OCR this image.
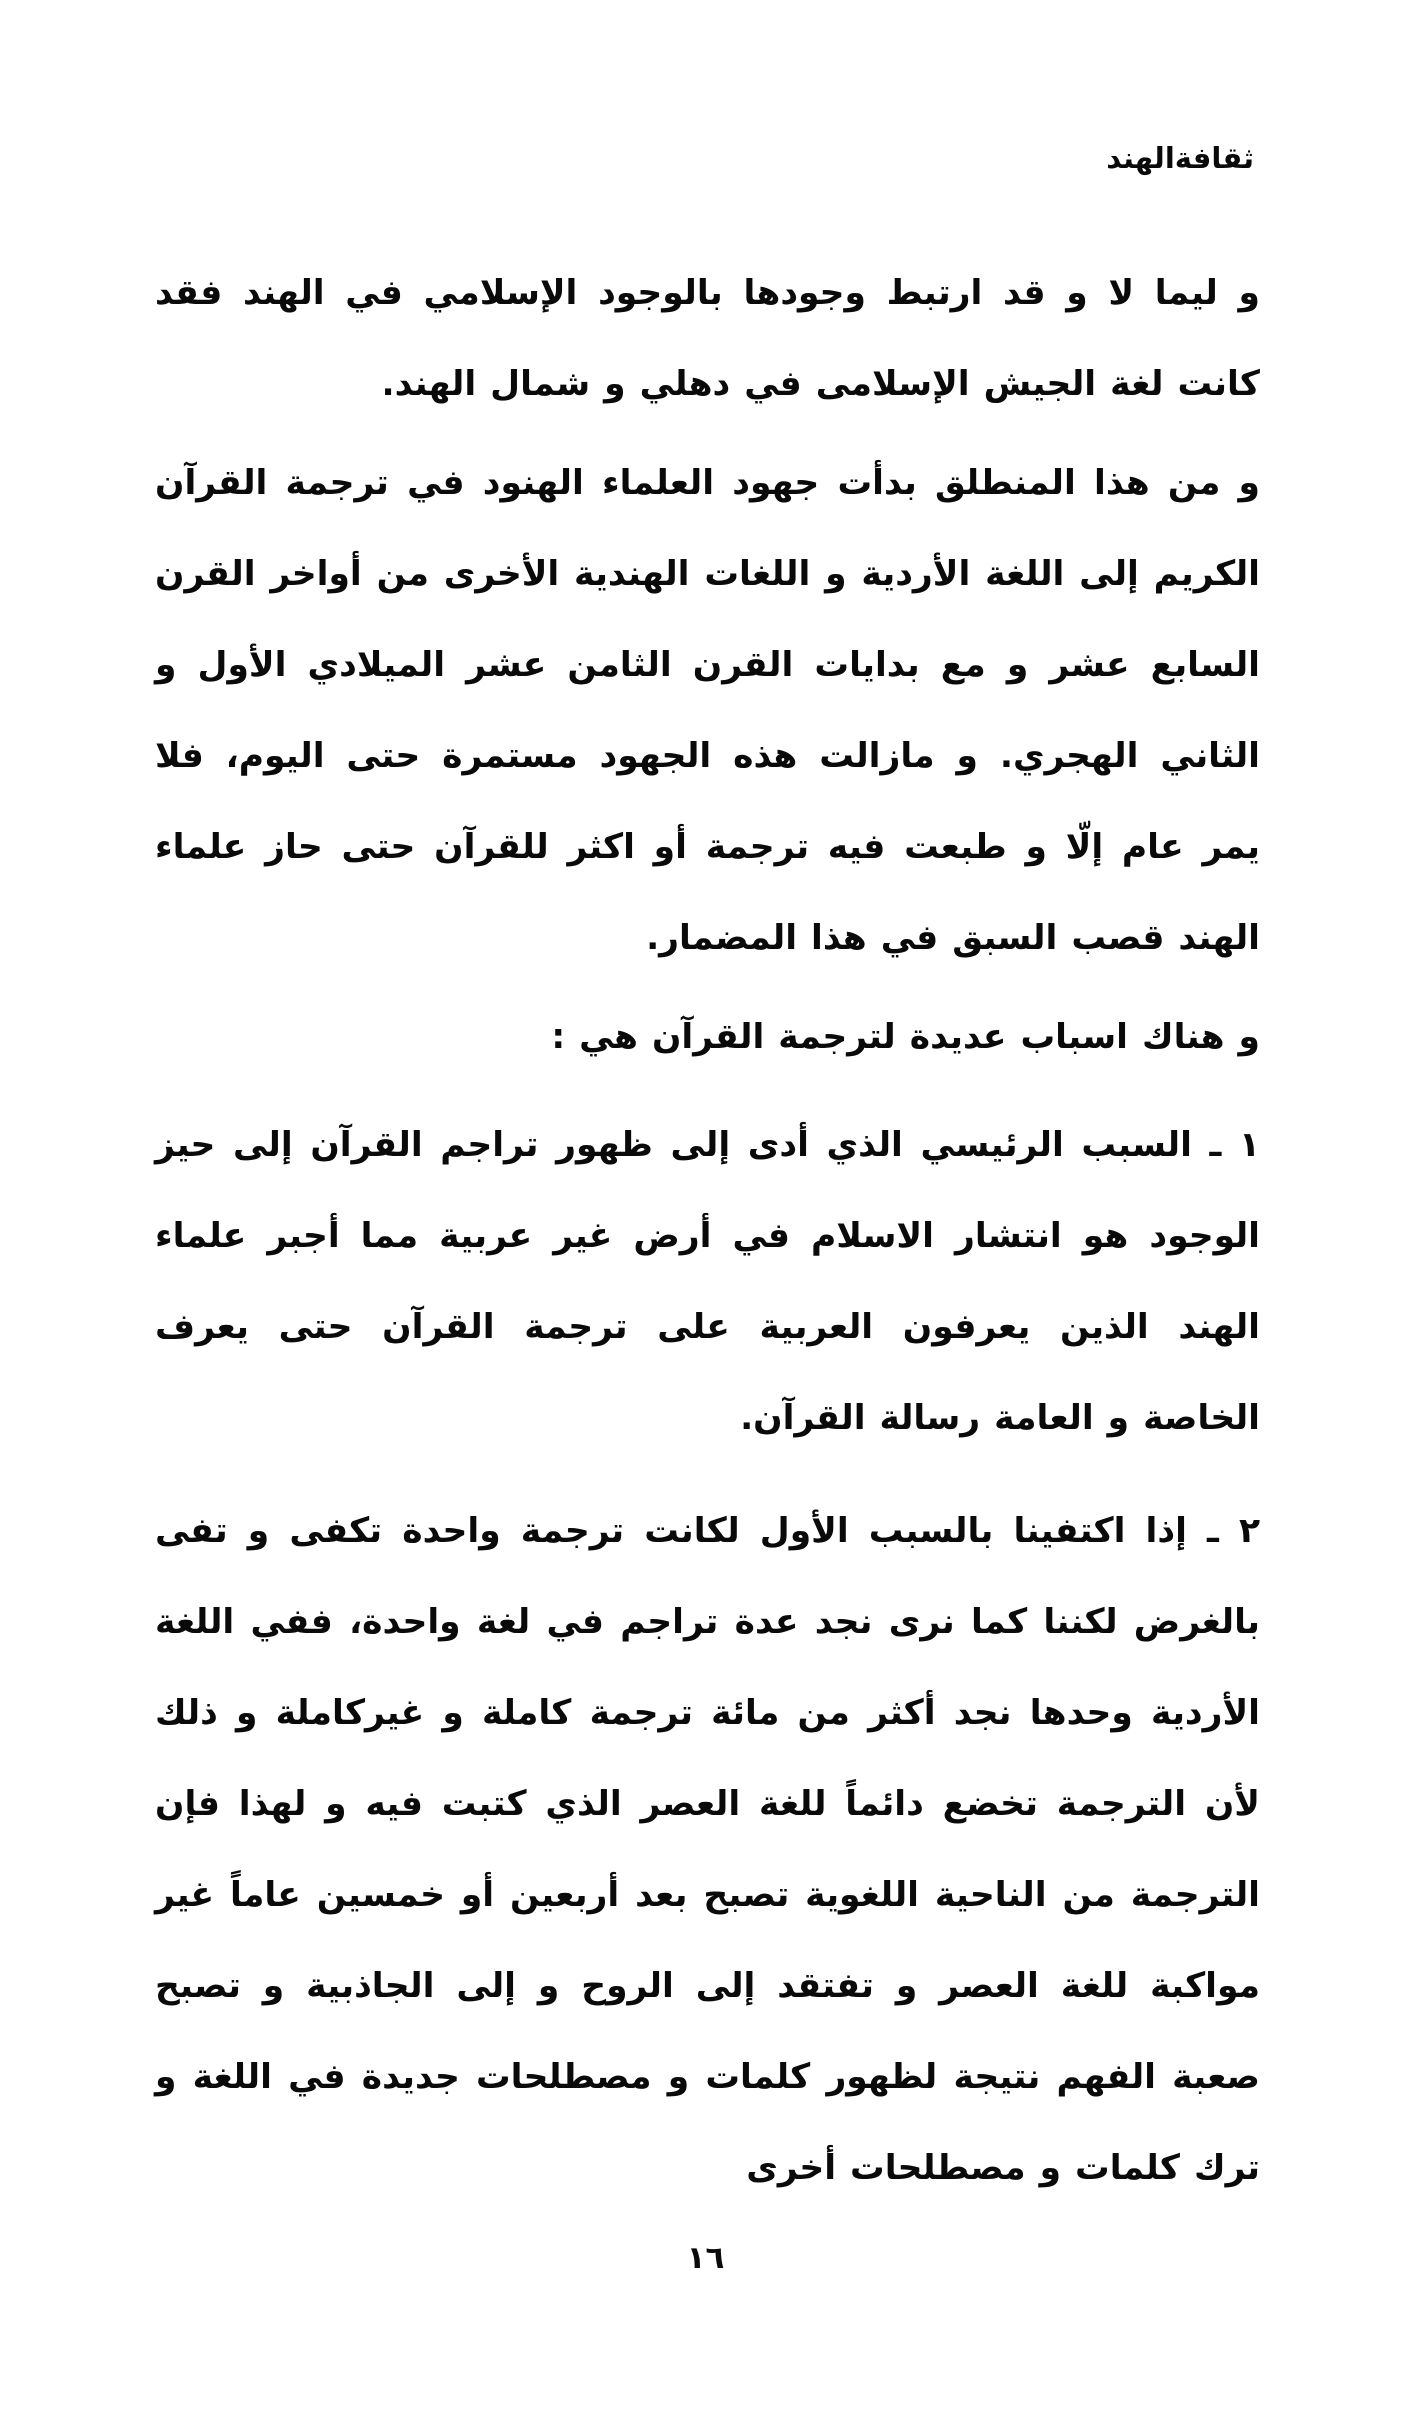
ثقافةالهند

و ليما لا و قد ارتبط وجودها بالوجود الإسلامي في الهند فقد كانت لغة الجيش الإسلامى في دهلي و شمال الهند.

و من هذا المنطلق بدأت جهود العلماء الهنود في ترجمة القرآن الكريم إلى اللغة الأردية و اللغات الهندية الأخرى من أواخر القرن السابع عشر و مع بدايات القرن الثامن عشر الميلادي الأول و الثاني الهجري. و مازالت هذه الجهود مستمرة حتى اليوم، فلا يمر عام إلّا و طبعت فيه ترجمة أو اكثر للقرآن حتى حاز علماء الهند قصب السبق في هذا المضمار.

و هناك اسباب عديدة لترجمة القرآن هي :

١ ـ السبب الرئيسي الذي أدى إلى ظهور تراجم القرآن إلى حيز الوجود هو انتشار الاسلام في أرض غير عربية مما أجبر علماء الهند الذين يعرفون العربية على ترجمة القرآن حتى يعرف الخاصة و العامة رسالة القرآن.

٢ ـ إذا اكتفينا بالسبب الأول لكانت ترجمة واحدة تكفى و تفى بالغرض لكننا كما نرى نجد عدة تراجم في لغة واحدة، ففي اللغة الأردية وحدها نجد أكثر من مائة ترجمة كاملة و غيركاملة و ذلك لأن الترجمة تخضع دائماً للغة العصر الذي كتبت فيه و لهذا فإن الترجمة من الناحية اللغوية تصبح بعد أربعين أو خمسين عاماً غير مواكبة للغة العصر و تفتقد إلى الروح و إلى الجاذبية و تصبح صعبة الفهم نتيجة لظهور كلمات و مصطلحات جديدة في اللغة و ترك كلمات و مصطلحات أخرى

١٦
